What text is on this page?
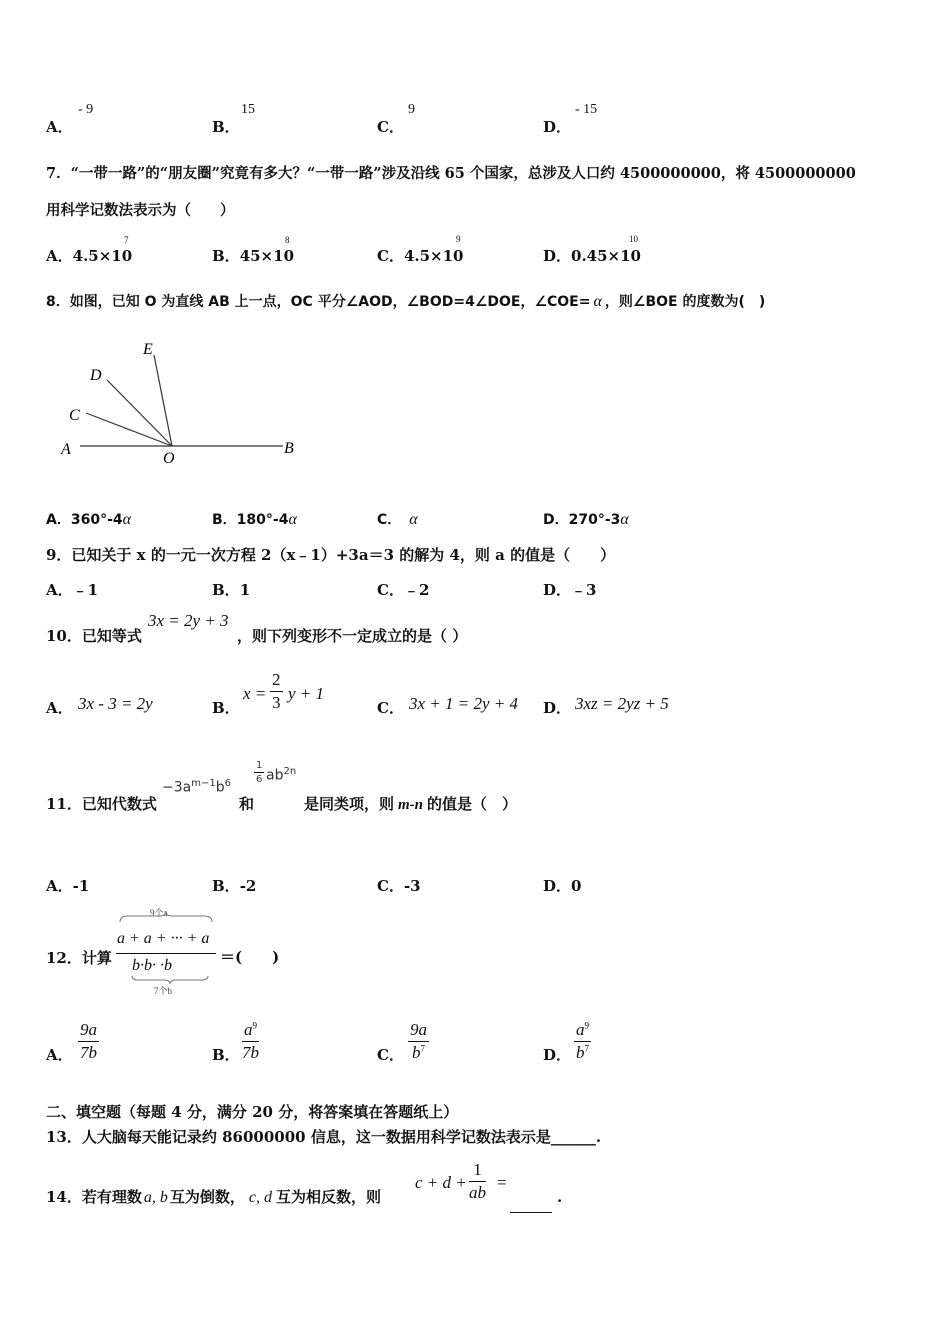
A．
- 9
B．
15
C．
9
D．
- 15
7．“一带一路”的“朋友圈”究竟有多大？“一带一路”涉及沿线 65 个国家，总涉及人口约 4500000000，将 4500000000
用科学记数法表示为（　　）
A．4.5×10
7
B．45×10
8
C．4.5×10
9
D．0.45×10
10
8．如图，已知 O 为直线 AB 上一点，OC 平分∠AOD，∠BOD=4∠DOE，∠COE= α ，则∠BOE 的度数为(　)
A	B
C
D
E
O
A．360°-4α	B．180°-4α	C． α	D．270°-3α
9．已知关于 x 的一元一次方程 2（x﹣1）+3a＝3 的解为 4，则 a 的值是（　　）
A．﹣1	B．1	C．﹣2	D．﹣3
10．已知等式
3x = 2y + 3
，则下列变形不一定成立的是（ ）
A． 3x - 3 = 2y	B．
x =
2
3 y + 1
C． 3x + 1 = 2y + 4 D． 3xz = 2yz + 5
11．已知代数式
$-3a^{m-1}b^6$
和
1
6 $ab^{2n}$
是同类项，则 m-n 的值是（　）
A．-1	B．-2	C．-3	D．0
12．计算
9个a
a + a + ··· + a
b·b· ·b
7个b
＝(　　)
A．
9a
7b	B．
$a^9$
7b	C．
9a
$b^7$	D．
$a^9$
$b^7$
二、填空题（每题 4 分，满分 20 分，将答案填在答题纸上）
13．人大脑每天能记录约 86000000 信息，这一数据用科学记数法表示是______.
14．若有理数 a, b 互为倒数， c, d 互为相反数，则
c + d +
1
ab
=
.
